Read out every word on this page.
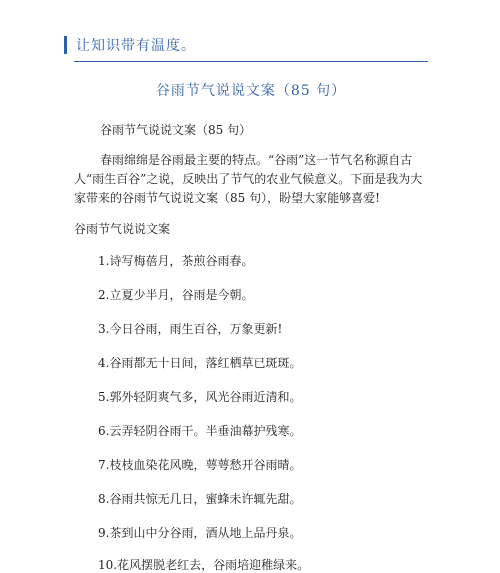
让知识带有温度。
谷雨节气说说文案（85 句）
谷雨节气说说文案（85 句）
春雨绵绵是谷雨最主要的特点。“谷雨”这一节气名称源自古人“雨生百谷”之说，反映出了节气的农业气候意义。下面是我为大家带来的谷雨节气说说文案（85 句），盼望大家能够喜爱!
谷雨节气说说文案
1.诗写梅蓓月，茶煎谷雨春。
2.立夏少半月，谷雨是今朝。
3.今日谷雨，雨生百谷，万象更新!
4.谷雨都无十日间，落红栖草已斑斑。
5.郭外轻阴爽气多，风光谷雨近清和。
6.云弄轻阴谷雨干。半垂油幕护残寒。
7.枝枝血染花风晚，萼萼愁开谷雨晴。
8.谷雨共惊无几日，蜜蜂未许辄先甜。
9.茶到山中分谷雨，酒从地上品丹泉。
10.花风摆脱老红去，谷雨培迎稚绿来。
